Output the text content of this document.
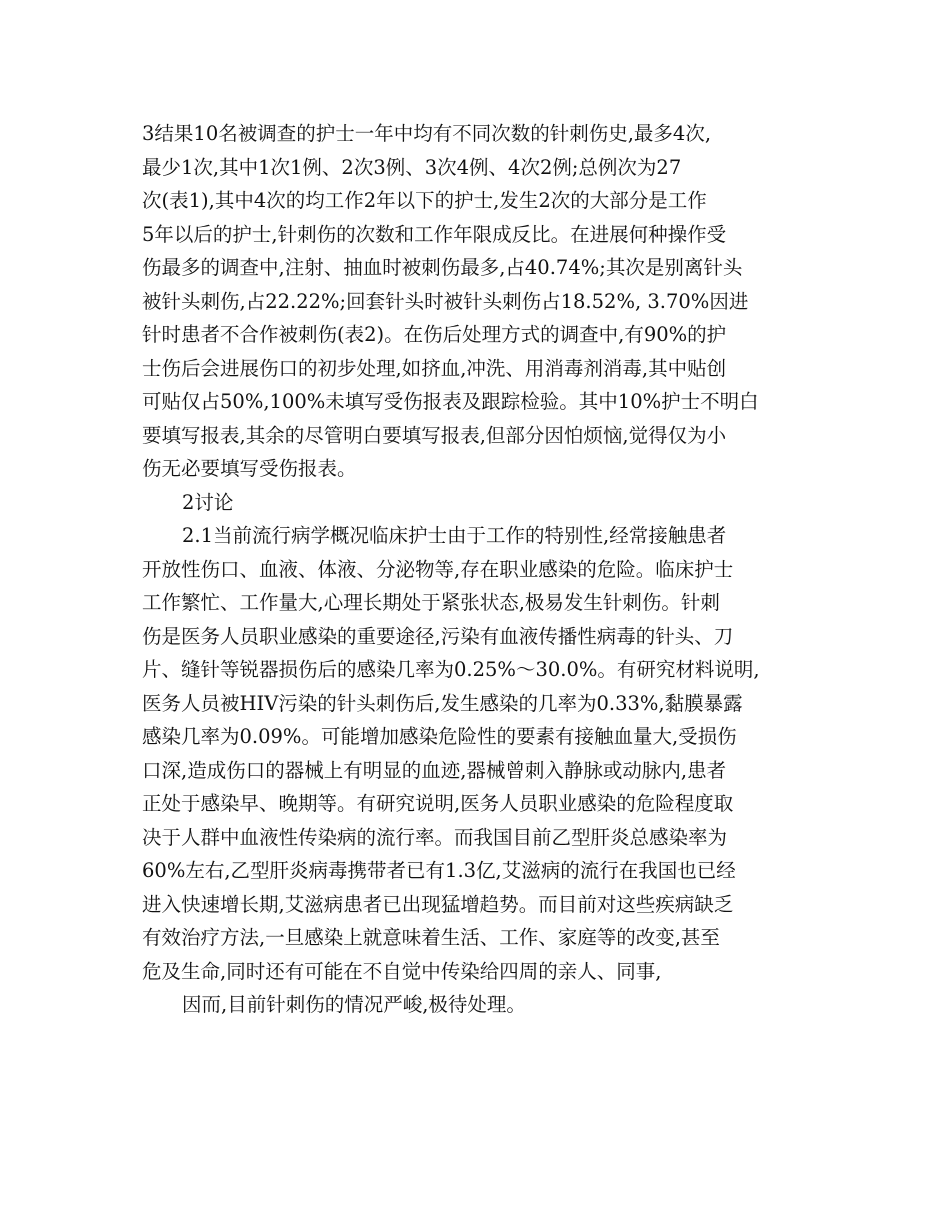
3结果10名被调查的护士一年中均有不同次数的针刺伤史,最多4次,
最少1次,其中1次1例、2次3例、3次4例、4次2例;总例次为27
次(表1),其中4次的均工作2年以下的护士,发生2次的大部分是工作
5年以后的护士,针刺伤的次数和工作年限成反比。在进展何种操作受
伤最多的调查中,注射、抽血时被刺伤最多,占40.74%;其次是别离针头
被针头刺伤,占22.22%;回套针头时被针头刺伤占18.52%, 3.70%因进
针时患者不合作被刺伤(表2)。在伤后处理方式的调查中,有90%的护
士伤后会进展伤口的初步处理,如挤血,冲洗、用消毒剂消毒,其中贴创
可贴仅占50%,100%未填写受伤报表及跟踪检验。其中10%护士不明白
要填写报表,其余的尽管明白要填写报表,但部分因怕烦恼,觉得仅为小
伤无必要填写受伤报表。
2讨论
2.1当前流行病学概况临床护士由于工作的特别性,经常接触患者
开放性伤口、血液、体液、分泌物等,存在职业感染的危险。临床护士
工作繁忙、工作量大,心理长期处于紧张状态,极易发生针刺伤。针刺
伤是医务人员职业感染的重要途径,污染有血液传播性病毒的针头、刀
片、缝针等锐器损伤后的感染几率为0.25%～30.0%。有研究材料说明,
医务人员被HIV污染的针头刺伤后,发生感染的几率为0.33%,黏膜暴露
感染几率为0.09%。可能增加感染危险性的要素有接触血量大,受损伤
口深,造成伤口的器械上有明显的血迹,器械曾刺入静脉或动脉内,患者
正处于感染早、晚期等。有研究说明,医务人员职业感染的危险程度取
决于人群中血液性传染病的流行率。而我国目前乙型肝炎总感染率为
60%左右,乙型肝炎病毒携带者已有1.3亿,艾滋病的流行在我国也已经
进入快速增长期,艾滋病患者已出现猛增趋势。而目前对这些疾病缺乏
有效治疗方法,一旦感染上就意味着生活、工作、家庭等的改变,甚至
危及生命,同时还有可能在不自觉中传染给四周的亲人、同事,
因而,目前针刺伤的情况严峻,极待处理。
